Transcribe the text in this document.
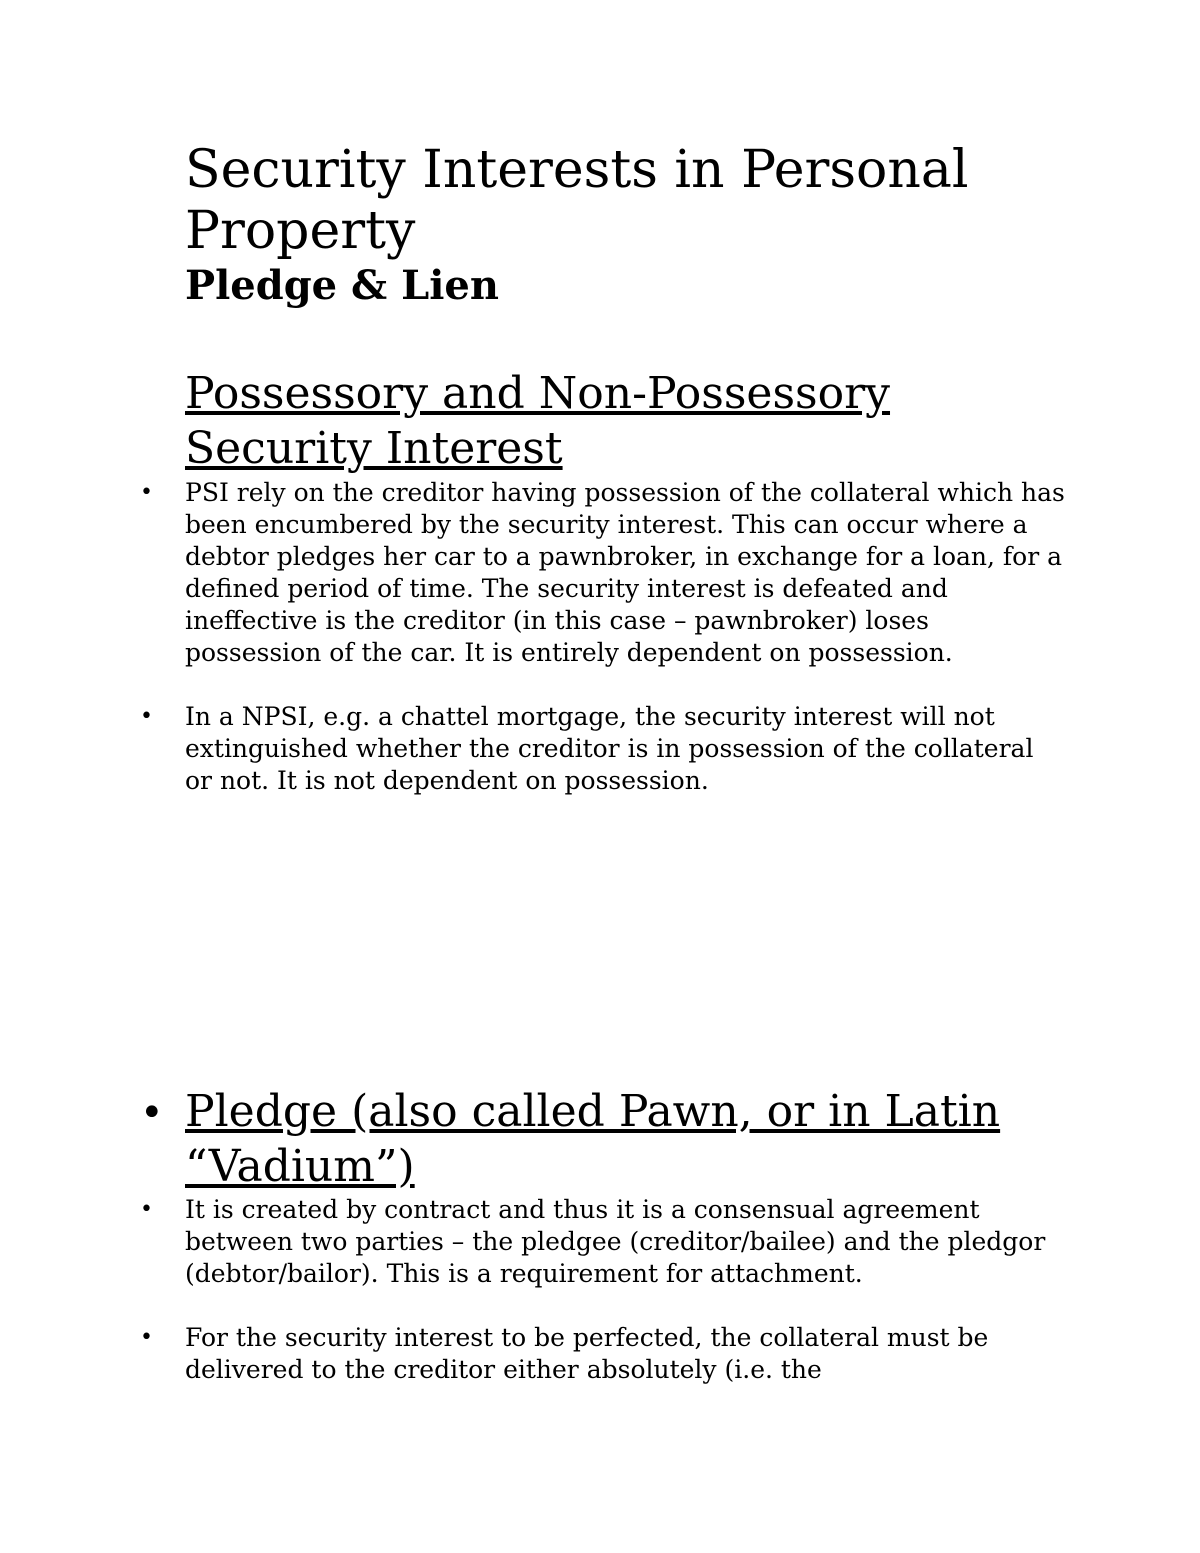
Security Interests in Personal Property
Pledge & Lien
Possessory and Non-Possessory Security Interest
• PSI rely on the creditor having possession of the collateral which has been encumbered by the security interest. This can occur where a debtor pledges her car to a pawnbroker, in exchange for a loan, for a defined period of time. The security interest is defeated and ineffective is the creditor (in this case – pawnbroker) loses possession of the car. It is entirely dependent on possession.
• In a NPSI, e.g. a chattel mortgage, the security interest will not extinguished whether the creditor is in possession of the collateral or not. It is not dependent on possession.
• Pledge (also called Pawn, or in Latin “Vadium”)
• It is created by contract and thus it is a consensual agreement between two parties – the pledgee (creditor/bailee) and the pledgor (debtor/bailor). This is a requirement for attachment.
• For the security interest to be perfected, the collateral must be delivered to the creditor either absolutely (i.e. the
